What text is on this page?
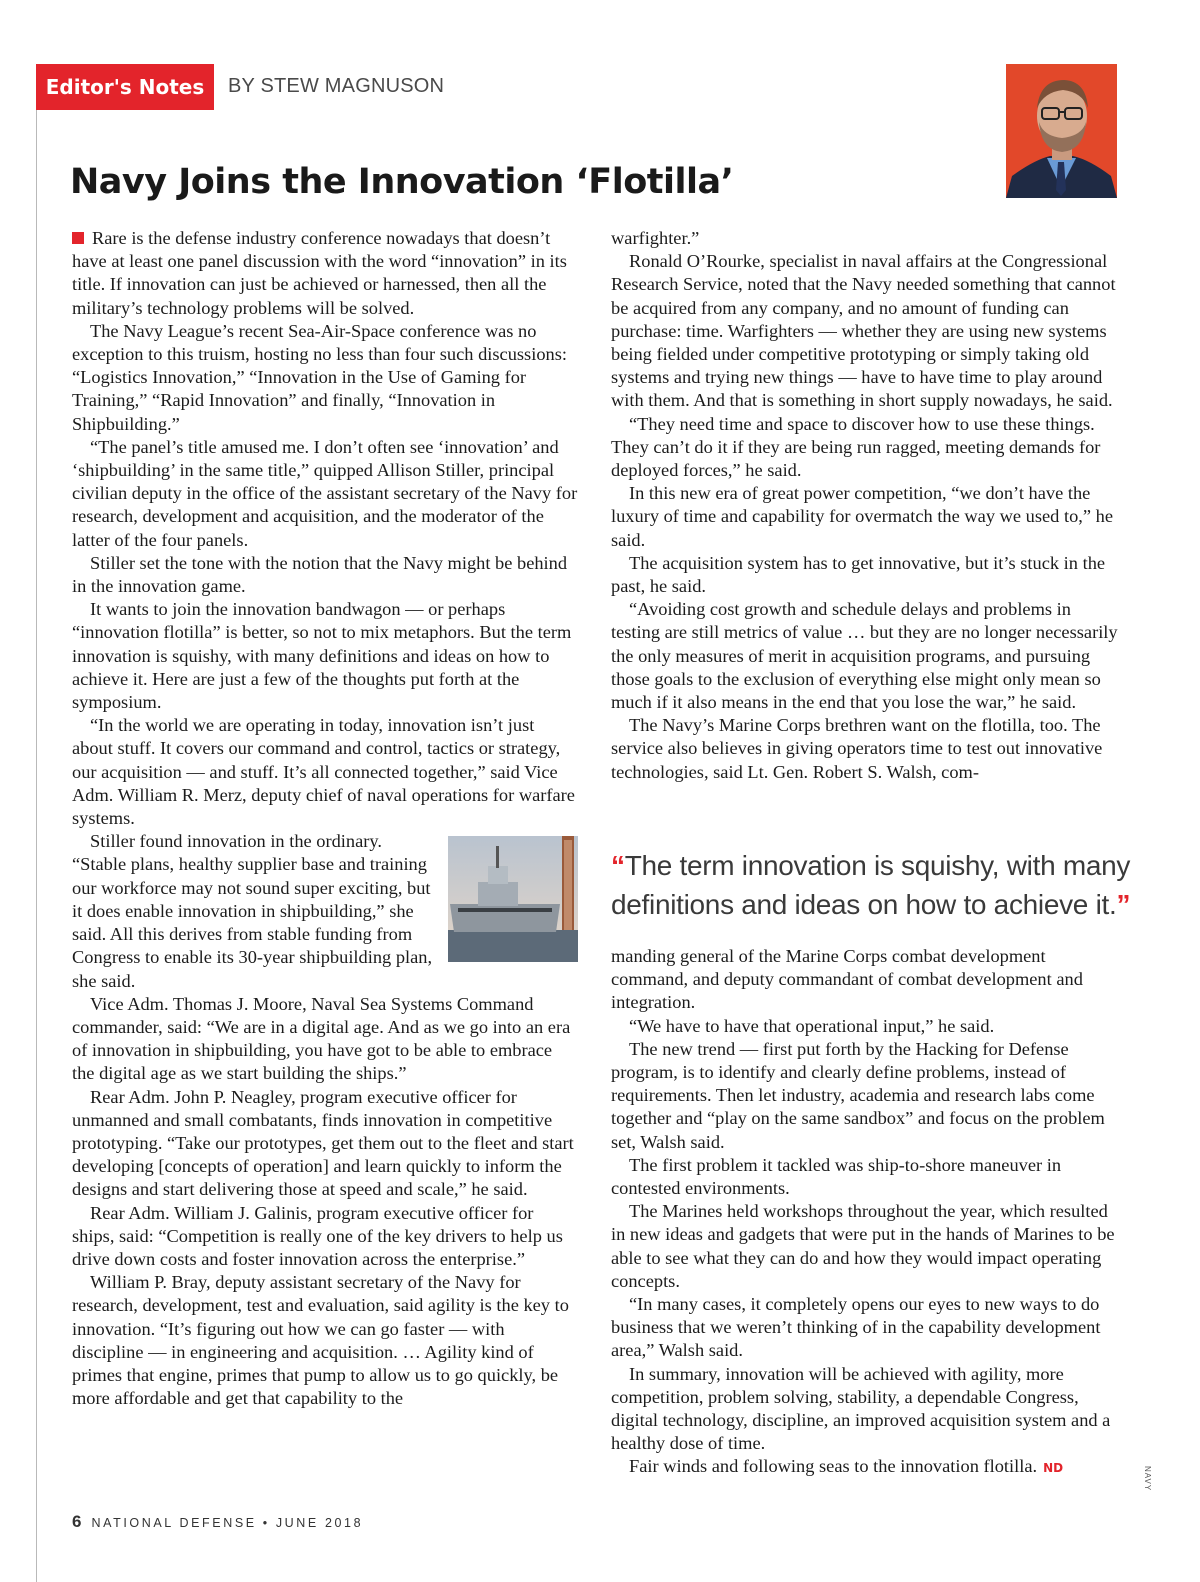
Editor's Notes	BY STEW MAGNUSON
Navy Joins the Innovation ‘Flotilla’

Rare is the defense industry conference nowadays that doesn’t have at least one panel discussion with the word “innovation” in its title. If innovation can just be achieved or harnessed, then all the military’s technology problems will be solved.

The Navy League’s recent Sea-Air-Space conference was no exception to this truism, hosting no less than four such discussions: “Logistics Innovation,” “Innovation in the Use of Gaming for Training,” “Rapid Innovation” and finally, “Innovation in Shipbuilding.”

“The panel’s title amused me. I don’t often see ‘innovation’ and ‘shipbuilding’ in the same title,” quipped Allison Stiller, principal civilian deputy in the office of the assistant secretary of the Navy for research, development and acquisition, and the moderator of the latter of the four panels.

Stiller set the tone with the notion that the Navy might be behind in the innovation game.

It wants to join the innovation bandwagon — or perhaps “innovation flotilla” is better, so not to mix metaphors. But the term innovation is squishy, with many definitions and ideas on how to achieve it. Here are just a few of the thoughts put forth at the symposium.

“In the world we are operating in today, innovation isn’t just about stuff. It covers our command and control, tactics or strategy, our acquisition — and stuff. It’s all connected together,” said Vice Adm. William R. Merz, deputy chief of naval operations for warfare systems.

Stiller found innovation in the ordinary. “Stable plans, healthy supplier base and training our workforce may not sound super exciting, but it does enable innovation in shipbuilding,” she said. All this derives from stable funding from Congress to enable its 30-year shipbuilding plan, she said.

Vice Adm. Thomas J. Moore, Naval Sea Systems Command commander, said: “We are in a digital age. And as we go into an era of innovation in shipbuilding, you have got to be able to embrace the digital age as we start building the ships.”

Rear Adm. John P. Neagley, program executive officer for unmanned and small combatants, finds innovation in competitive prototyping. “Take our prototypes, get them out to the fleet and start developing [concepts of operation] and learn quickly to inform the designs and start delivering those at speed and scale,” he said.

Rear Adm. William J. Galinis, program executive officer for ships, said: “Competition is really one of the key drivers to help us drive down costs and foster innovation across the enterprise.”

William P. Bray, deputy assistant secretary of the Navy for research, development, test and evaluation, said agility is the key to innovation. “It’s figuring out how we can go faster — with discipline — in engineering and acquisition. … Agility kind of primes that engine, primes that pump to allow us to go quickly, be more affordable and get that capability to the

warfighter.”

Ronald O’Rourke, specialist in naval affairs at the Congressional Research Service, noted that the Navy needed something that cannot be acquired from any company, and no amount of funding can purchase: time. Warfighters — whether they are using new systems being fielded under competitive prototyping or simply taking old systems and trying new things — have to have time to play around with them. And that is something in short supply nowadays, he said.

“They need time and space to discover how to use these things. They can’t do it if they are being run ragged, meeting demands for deployed forces,” he said.

In this new era of great power competition, “we don’t have the luxury of time and capability for overmatch the way we used to,” he said.

The acquisition system has to get innovative, but it’s stuck in the past, he said.

“Avoiding cost growth and schedule delays and problems in testing are still metrics of value … but they are no longer necessarily the only measures of merit in acquisition programs, and pursuing those goals to the exclusion of everything else might only mean so much if it also means in the end that you lose the war,” he said.

The Navy’s Marine Corps brethren want on the flotilla, too. The service also believes in giving operators time to test out innovative technologies, said Lt. Gen. Robert S. Walsh, com-

“The term innovation is squishy, with many definitions and ideas on how to achieve it.”

manding general of the Marine Corps combat development command, and deputy commandant of combat development and integration.

“We have to have that operational input,” he said.

The new trend — first put forth by the Hacking for Defense program, is to identify and clearly define problems, instead of requirements. Then let industry, academia and research labs come together and “play on the same sandbox” and focus on the problem set, Walsh said.

The first problem it tackled was ship-to-shore maneuver in contested environments.

The Marines held workshops throughout the year, which resulted in new ideas and gadgets that were put in the hands of Marines to be able to see what they can do and how they would impact operating concepts.

“In many cases, it completely opens our eyes to new ways to do business that we weren’t thinking of in the capability development area,” Walsh said.

In summary, innovation will be achieved with agility, more competition, problem solving, stability, a dependable Congress, digital technology, discipline, an improved acquisition system and a healthy dose of time.

Fair winds and following seas to the innovation flotilla. ND	NAVY
6 NATIONAL DEFENSE • JUNE 2018
